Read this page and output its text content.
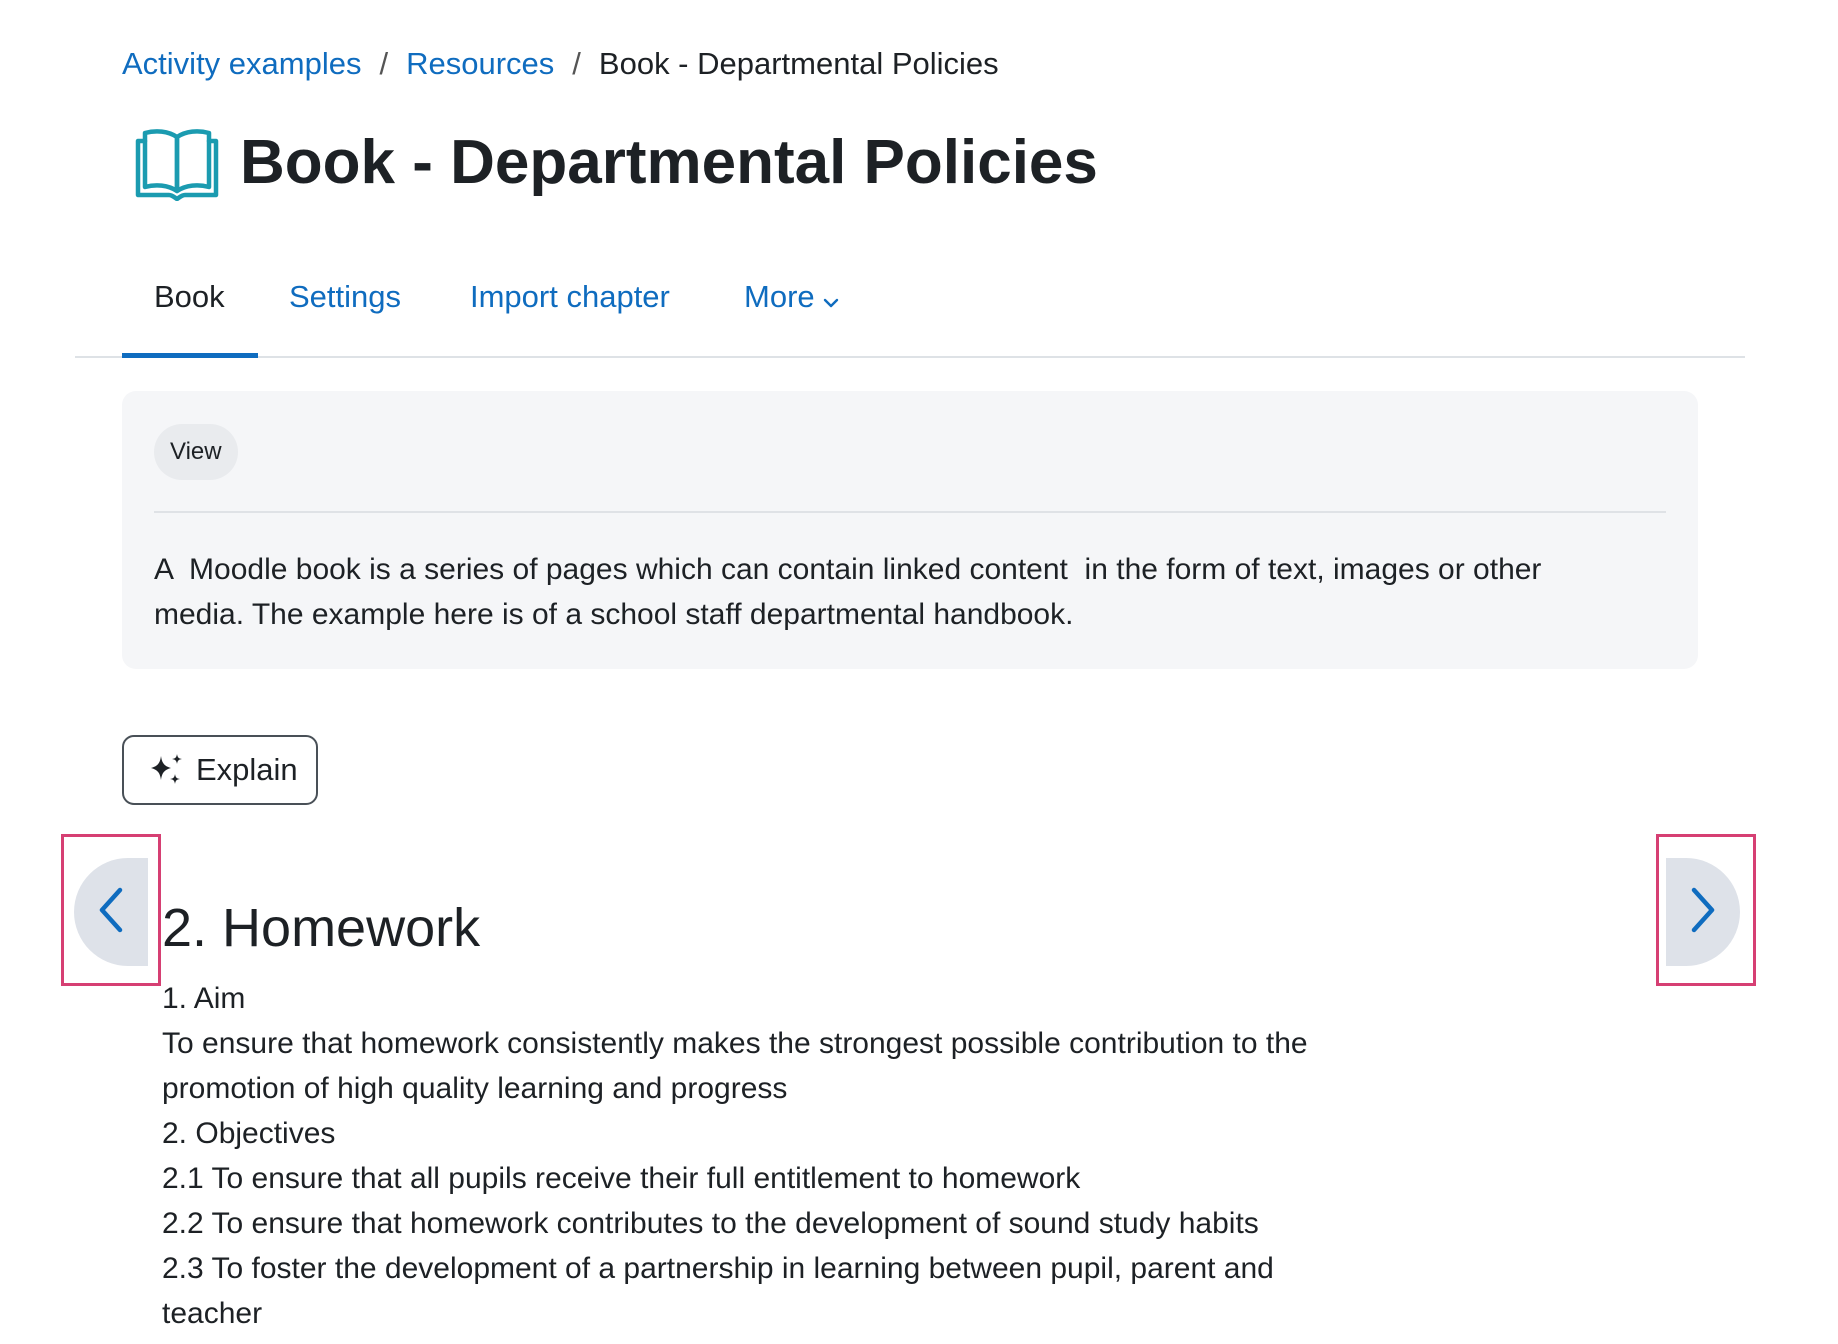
Activity examples / Resources / Book - Departmental Policies
Book - Departmental Policies
Book	Settings Import chapter More
View

A  Moodle book is a series of pages which can contain linked content  in the form of text, images or other media. The example here is of a school staff departmental handbook.

Explain
2. Homework
1. Aim
To ensure that homework consistently makes the strongest possible contribution to the
promotion of high quality learning and progress
2. Objectives
2.1 To ensure that all pupils receive their full entitlement to homework
2.2 To ensure that homework contributes to the development of sound study habits
2.3 To foster the development of a partnership in learning between pupil, parent and
teacher
